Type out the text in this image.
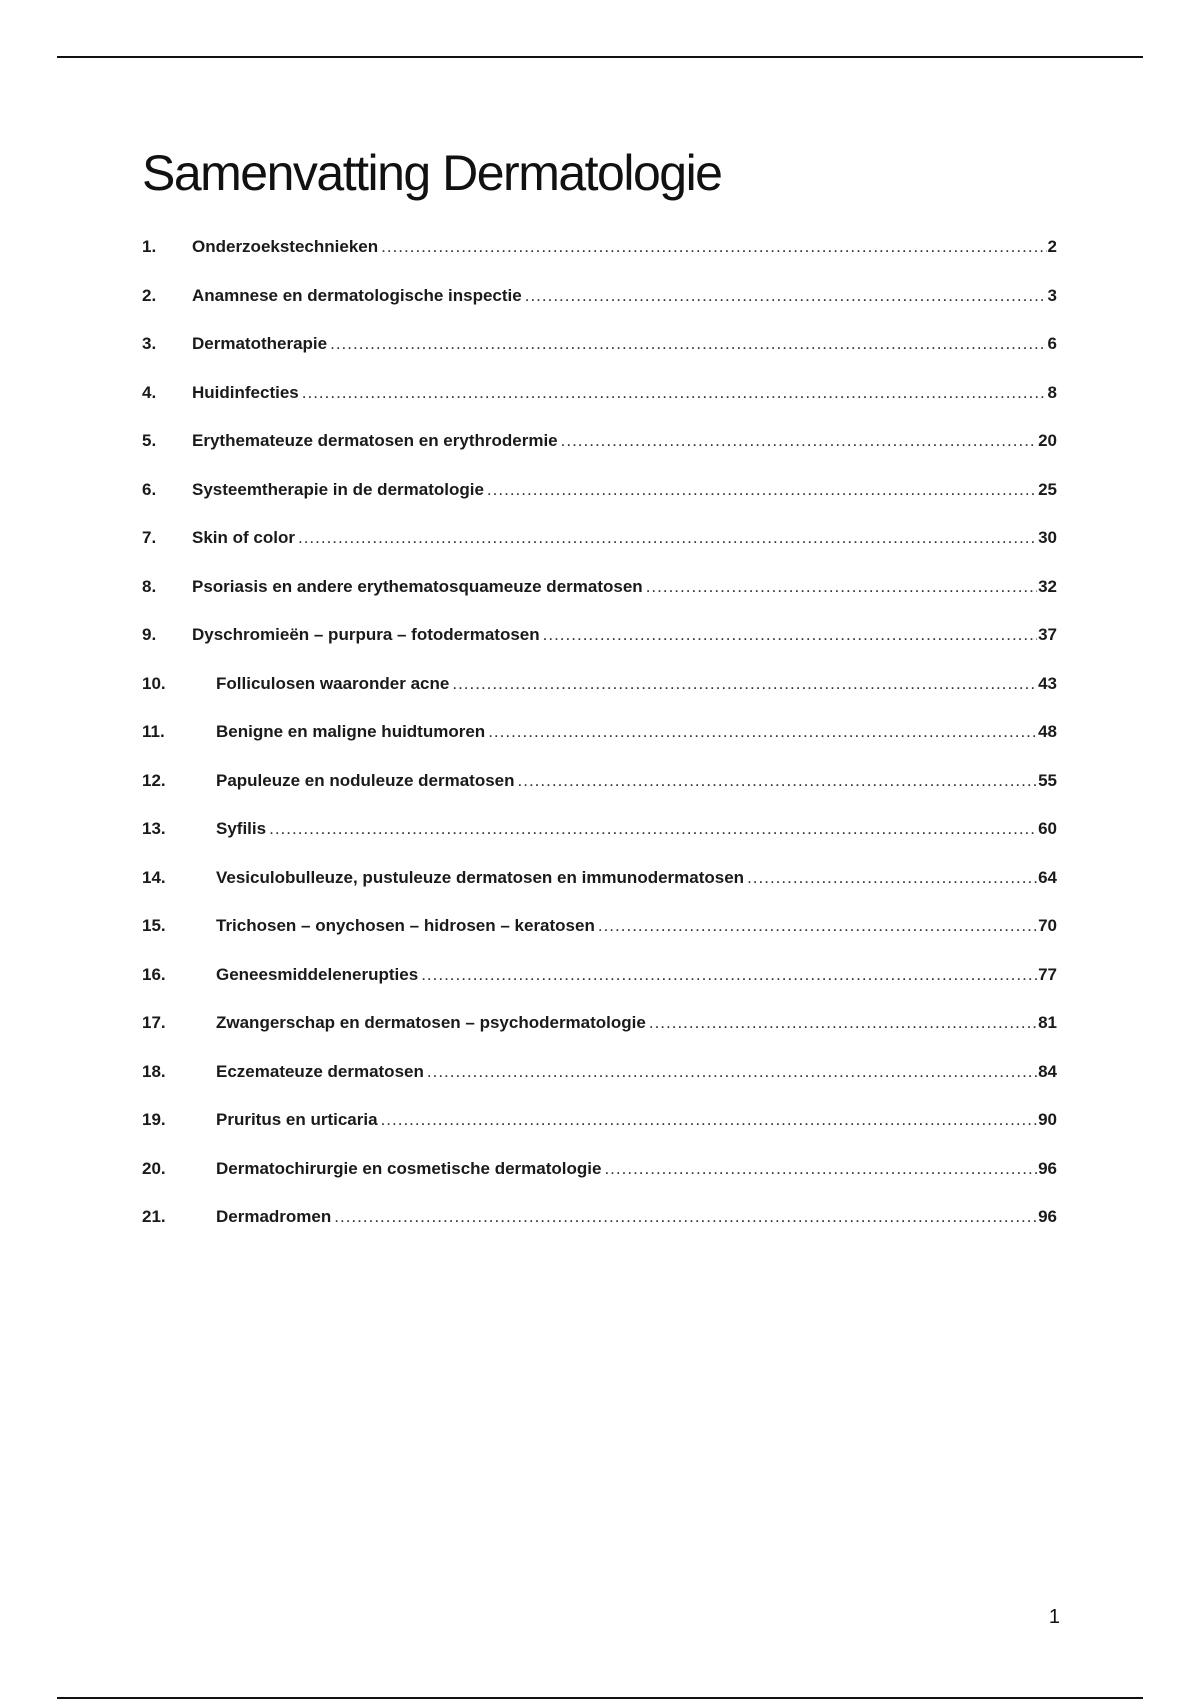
Samenvatting Dermatologie
1.	Onderzoekstechnieken .....	2
2.	Anamnese en dermatologische inspectie .....	3
3.	Dermatotherapie .....	6
4.	Huidinfecties .....	8
5.	Erythemateuze dermatosen en erythrodermie .....	20
6.	Systeemtherapie in de dermatologie .....	25
7.	Skin of color .....	30
8.	Psoriasis en andere erythematosquameuze dermatosen .....	32
9.	Dyschromieën – purpura – fotodermatosen .....	37
10.	Folliculosen waaronder acne .....	43
11.	Benigne en maligne huidtumoren .....	48
12.	Papuleuze en noduleuze dermatosen .....	55
13.	Syfilis .....	60
14.	Vesiculobulleuze, pustuleuze dermatosen en immunodermatosen .....	64
15.	Trichosen – onychosen – hidrosen – keratosen .....	70
16.	Geneesmiddelenerupties .....	77
17.	Zwangerschap en dermatosen – psychodermatologie .....	81
18.	Eczemateuze dermatosen .....	84
19.	Pruritus en urticaria .....	90
20.	Dermatochirurgie en cosmetische dermatologie .....	96
21.	Dermadromen .....	96
1
